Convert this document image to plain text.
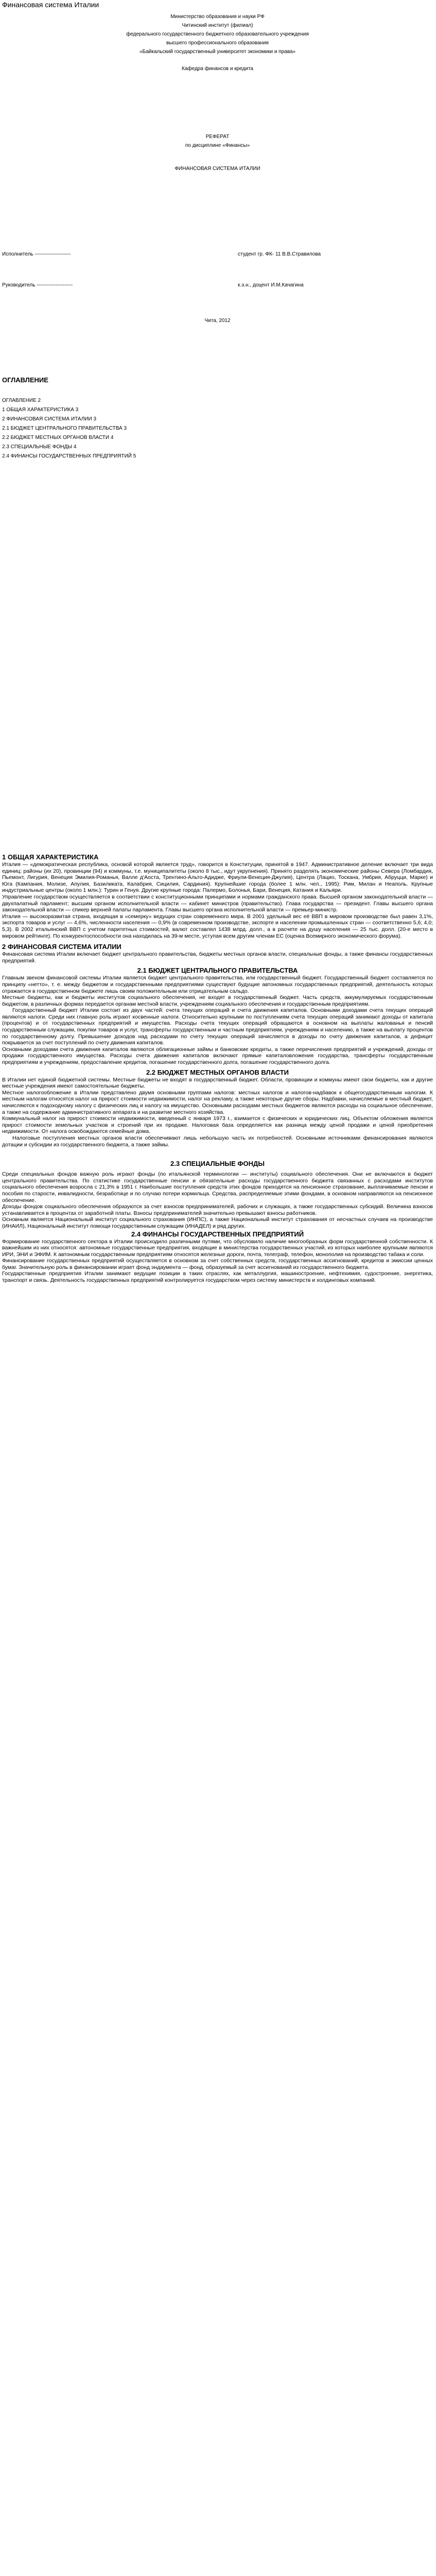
Финансовая система Италии

Министерство образования и науки РФ

Читинский институт (филиал)

федерального государственного бюджетного образовательного учреждения

высшего профессионального образования

«Байкальский государственный университет экономики и права»

Кафедра финансов и кредита

РЕФЕРАТ

по дисциплине «Финансы»

ФИНАНСОВАЯ СИСТЕМА ИТАЛИИ

Исполнитель ---------------------	студент гр. ФК- 11 В.В.Стравилова
Руководитель ---------------------	к.э.н., доцент И.М.Качагина

Чита, 2012

ОГЛАВЛЕНИЕ

ОГЛАВЛЕНИЕ 2

1 ОБЩАЯ ХАРАКТЕРИСТИКА 3

2 ФИНАНСОВАЯ СИСТЕМА ИТАЛИИ 3

2.1 БЮДЖЕТ ЦЕНТРАЛЬНОГО ПРАВИТЕЛЬСТВА 3

2.2 БЮДЖЕТ МЕСТНЫХ ОРГАНОВ ВЛАСТИ 4

2.3 СПЕЦИАЛЬНЫЕ ФОНДЫ 4

2.4 ФИНАНСЫ ГОСУДАРСТВЕННЫХ ПРЕДПРИЯТИЙ 5

1 ОБЩАЯ ХАРАКТЕРИСТИКА

Италия — «демократическая республика, основой которой является труд», говорится в Конституции, принятой в 1947. Административное деление включает три вида единиц: районы (их 20), провинции (94) и коммуны, т.е. муниципалитеты (около 8 тыс., идут укрупнения). Принято разделять экономические районы Севера (Ломбардия, Пьемонт, Лигурия, Венеция Эмилия-Романья, Валле д'Аоста, Трентино-Альто-Адидже, Фриули-Венеция-Джулия), Центра (Лацио, Тоскана, Умбрия, Абруцци, Марке) и Юга (Кампания, Молизе, Апулия, Базиликата, Калабрия, Сицилия, Сардиния). Крупнейшие города (более 1 млн. чел., 1995): Рим, Милан и Неаполь. Крупные индустриальные центры (около 1 млн.): Турин и Генуя. Другие крупные города: Палермо, Болонья, Бари, Венеция, Катания и Кальяри.

Управление государством осуществляется в соответствии с конституционными принципами и нормами гражданского права. Высшей органом законодательной власти — двухпалатный парламент; высшим органом исполнительной власти — кабинет министров (правительство). Глава государства — президент. Главы высшего органа законодательной власти — спикер верхней палаты парламента. Главы высшего органа исполнительной власти — премьер-министр.

Италия — высокоразвитая страна, входящая в «семерку» ведущих стран современного мира. В 2001 удельный вес её ВВП в мировом производстве был равен 3,1%, экспорта товаров и услуг — 4,6%, численности населения — 0,9% (в современном производстве, экспорте и населении промышленных стран — соответственно 5,6; 4,0; 5,3). В 2002 итальянский ВВП с учетом паритетных стоимостей, валют составлял 1438 млрд. долл., а в расчете на душу населения — 25 тыс. долл. (20-е место в мировом рейтинге). По конкурентоспособности она находилась на 39-м месте, уступая всем другим членам ЕС (оценка Всемирного экономического форума).

2 ФИНАНСОВАЯ СИСТЕМА ИТАЛИИ

Финансовая система Италии включает бюджет центрального правительства, бюджеты местных органов власти, специальные фонды, а также финансы государственных предприятий.

2.1 БЮДЖЕТ ЦЕНТРАЛЬНОГО ПРАВИТЕЛЬСТВА

Главным звеном финансовой системы Италии является бюджет центрального правительства, или государственный бюджет. Государственный бюджет составляется по принципу «нетто», т. е. между бюджетом и государственными предприятиями существуют будущие автономных государственных предприятий, деятельность которых отражается в государственном бюджете лишь своим положительным или отрицательным сальдо.

Местные бюджеты, как и бюджеты институтов социального обеспечения, не входят в государственный бюджет. Часть средств, аккумулируемых государственным бюджетом, в различных формах передается органам местной власти, учреждениям социального обеспечения и государственным предприятиям.

Государственный бюджет Италии состоит из двух частей: счета текущих операций и счета движения капиталов. Основными доходами счета текущих операций являются налоги. Среди них главную роль играют косвенные налоги. Относительно крупными по поступлениям счета текущих операций занимают доходы от капитала (процентов) и от государственных предприятий и имущества. Расходы счета текущих операций обращаются в основном на выплаты жалованья и пенсий государственным служащим, покупки товаров и услуг, трансферты государственным и частным предприятиям, учреждениям и населению, а также на выплату процентов по государственному долгу. Превышение доходов над расходами по счету текущих операций зачисляется в доходы по счету движения капиталов, а дефицит покрывается за счет поступлений по счету движения капиталов.

Основными доходами счета движения капиталов являются облигационные займы и банковские кредиты, а также перечисления предприятий и учреждений, доходы от продажи государственного имущества. Расходы счета движения капиталов включают прямые капиталовложения государства, трансферты государственным предприятиям и учреждениям, предоставление кредитов, погашение государственного долга, погашение государственного долга.

2.2 БЮДЖЕТ МЕСТНЫХ ОРГАНОВ ВЛАСТИ

В Италии нет единой бюджетной системы. Местные бюджеты не входят в государственный бюджет. Области, провинции и коммуны имеют свои бюджеты, как и другие местные учреждения имеют самостоятельные бюджеты.

Местное налогообложение в Италии представлено двумя основными группами налогов: местных налогов и налогов-надбавок к общегосударственным налогам. К местным налогам относятся налог на прирост стоимости недвижимости, налог на рекламу, а также некоторые другие сборы. Надбавки, начисляемые в местный бюджет, начисляются к подоходному налогу с физических лиц и налогу на имущество. Основными расходами местных бюджетов являются расходы на социальное обеспечение, а также на содержание административного аппарата и на развитие местного хозяйства.

Коммунальный налог на прирост стоимости недвижимости, введенный с января 1973 г., взимается с физических и юридических лиц. Объектом обложения является прирост стоимости земельных участков и строений при их продаже. Налоговая база определяется как разница между ценой продажи и ценой приобретения недвижимости. От налога освобождаются семейные дома.

Налоговые поступления местных органов власти обеспечивают лишь небольшую часть их потребностей. Основными источниками финансирования являются дотации и субсидии из государственного бюджета, а также займы.

2.3 СПЕЦИАЛЬНЫЕ ФОНДЫ

Среди специальных фондов важную роль играют фонды (по итальянской терминологии — институты) социального обеспечения. Они не включаются в бюджет центрального правительства. По статистике государственные пенсии и обязательные расходы государственного бюджета связанных с расходами институтов социального обеспечения возросла с 21,3% в 1951 г. Наибольшие поступления средств этих фондов приходятся на пенсионное страхование, выплачиваемые пенсии и пособия по старости, инвалидности, безработице и по случаю потери кормильца. Средства, распределяемые этими фондами, в основном направляются на пенсионное обеспечение.

Доходы фондов социального обеспечения образуются за счет взносов предпринимателей, рабочих и служащих, а также государственных субсидий. Величина взносов устанавливается в процентах от заработной платы. Взносы предпринимателей значительно превышают взносы работников.

Основным является Национальный институт социального страхования (ИНПС), а также Национальный институт страхования от несчастных случаев на производстве (ИНАИЛ), Национальный институт помощи государственным служащим (ИНАДЕЛ) и ряд других.

2.4 ФИНАНСЫ ГОСУДАРСТВЕННЫХ ПРЕДПРИЯТИЙ

Формирование государственного сектора в Италии происходило различными путями, что обусловило наличие многообразных форм государственной собственности. К важнейшим из них относятся: автономные государственные предприятия, входящие в министерства государственных участий, из которых наиболее крупными являются ИРИ, ЭНИ и ЭФИМ. К автономным государственным предприятиям относятся железные дороги, почта, телеграф, телефон, монополия на производство табака и соли.

Финансирование государственных предприятий осуществляется в основном за счет собственных средств, государственных ассигнований, кредитов и эмиссии ценных бумаг. Значительную роль в финансировании играет фонд эндаумента — фонд, образуемый за счет ассигнований из государственного бюджета.

Государственные предприятия Италии занимают ведущие позиции в таких отраслях, как металлургия, машиностроение, нефтехимия, судостроение, энергетика, транспорт и связь. Деятельность государственных предприятий контролируется государством через систему министерств и холдинговых компаний.
